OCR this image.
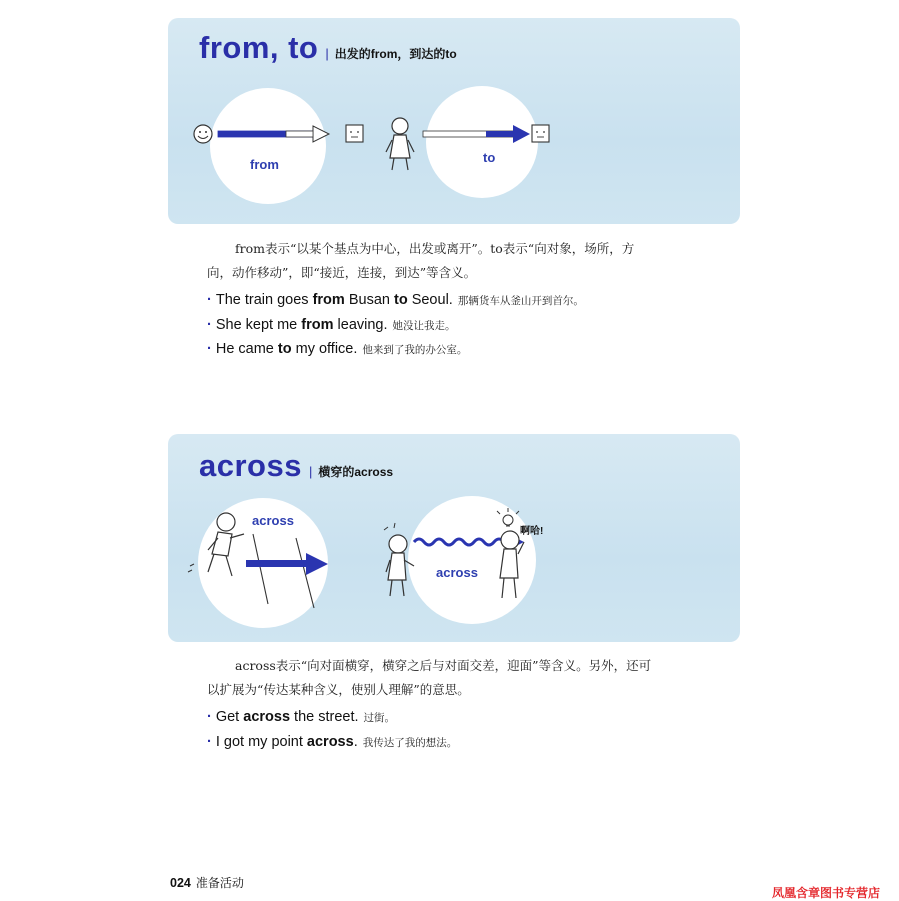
from, to | 出发的from，到达的to
from	to
from表示“以某个基点为中心，出发或离开”。to表示“向对象，场所，方
向，动作移动”，即“接近，连接，到达”等含义。
· The train goes from Busan to Seoul. 那辆货车从釜山开到首尔。
· She kept me from leaving. 她没让我走。
· He came to my office. 他来到了我的办公室。
across | 横穿的across
across
across
啊哈!
across表示“向对面横穿，横穿之后与对面交差，迎面”等含义。另外，还可
以扩展为“传达某种含义，使别人理解”的意思。
· Get across the street. 过街。
· I got my point across. 我传达了我的想法。
024 准备活动
凤凰含章图书专营店
